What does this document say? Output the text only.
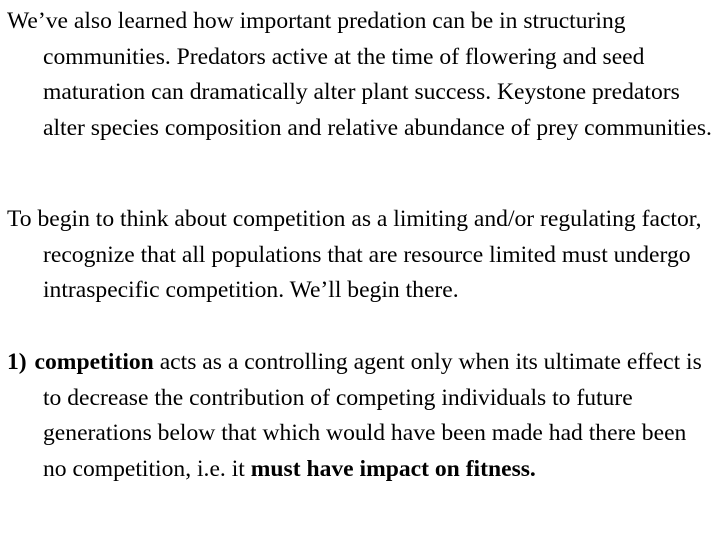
We’ve also learned how important predation can be in structuring communities. Predators active at the time of flowering and seed maturation can dramatically alter plant success. Keystone predators alter species composition and relative abundance of prey communities.

To begin to think about competition as a limiting and/or regulating factor, recognize that all populations that are resource limited must undergo intraspecific competition. We’ll begin there.

1)  competition acts as a controlling agent only when its ultimate effect is to decrease the contribution of competing individuals to future generations below that which would have been made had there been no competition, i.e. it must have impact on fitness.
